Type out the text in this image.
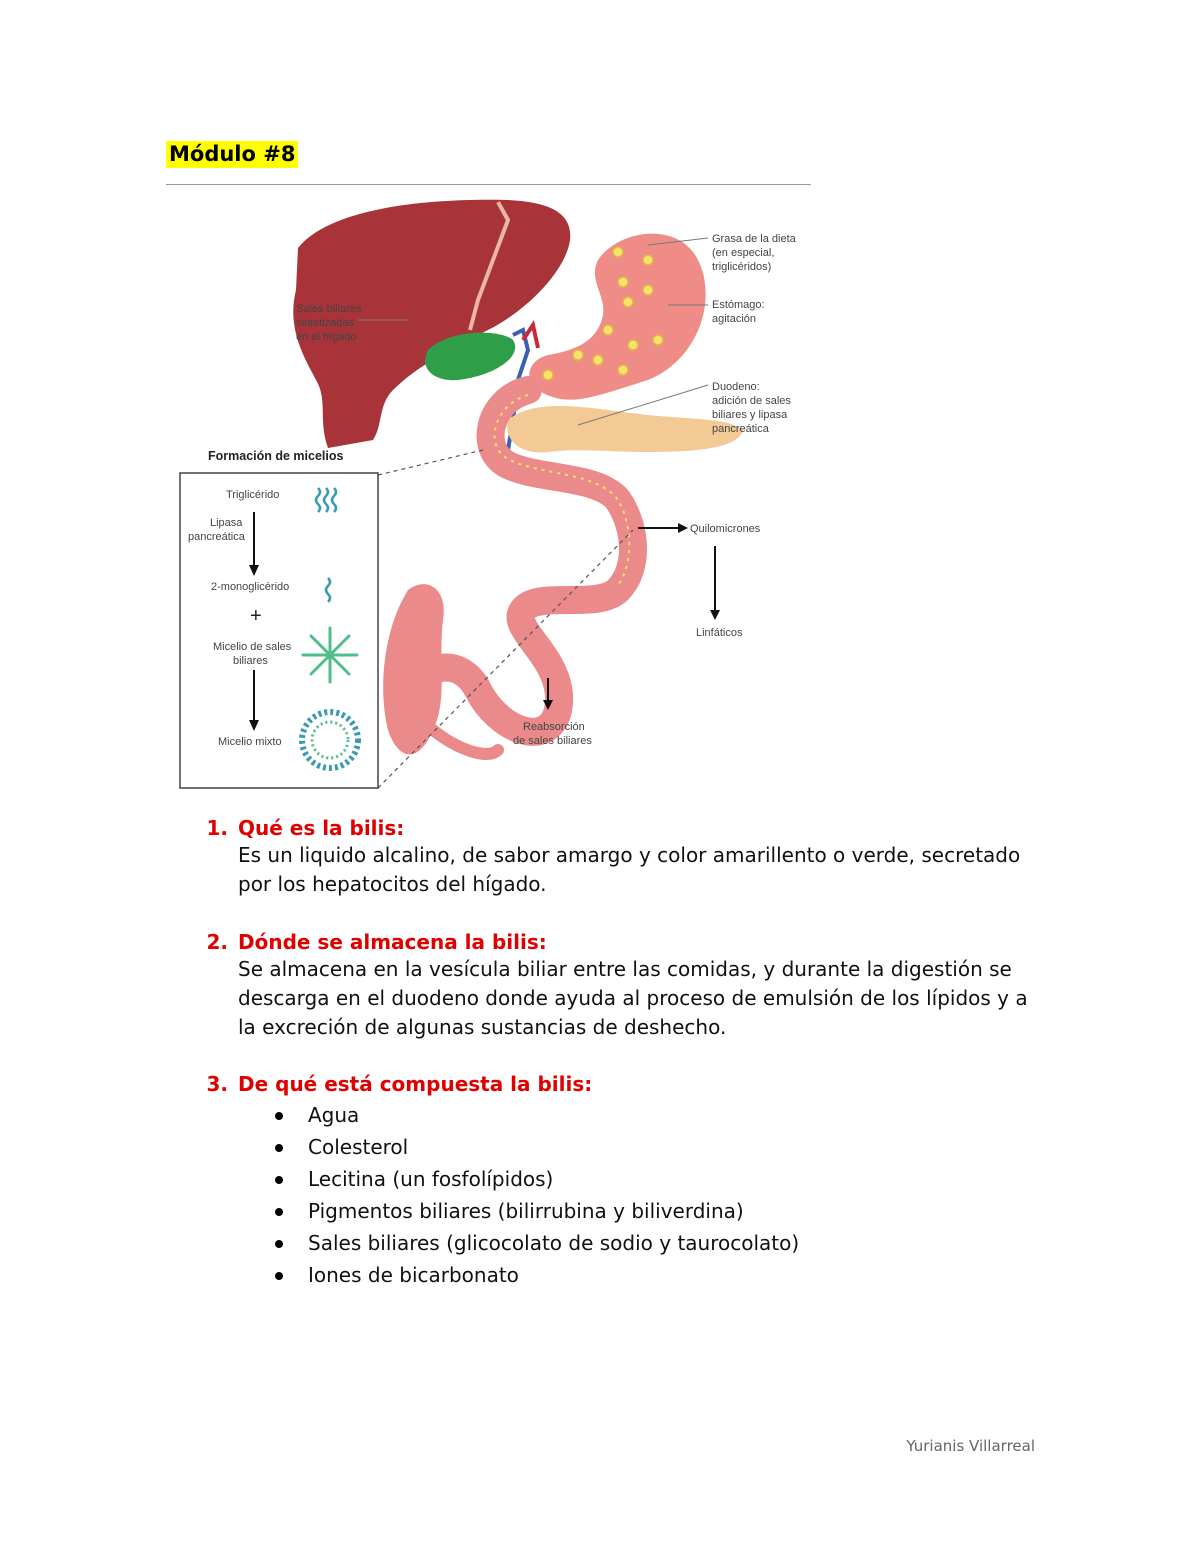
Módulo #8
Sales biliares
sintetizadas
en el hígado
Grasa de la dieta
(en especial,
triglicéridos)
Estómago:
agitación
Duodeno:
adición de sales
biliares y lipasa
pancreática
Quilomicrones
Linfáticos
Reabsorción
de sales biliares
Formación de micelios
Triglicérido
Lipasa
pancreática
2-monoglicérido
+
Micelio de sales
biliares
Micelio mixto
1. Qué es la bilis:
Es un liquido alcalino, de sabor amargo y color amarillento o verde, secretado
por los hepatocitos del hígado.
2. Dónde se almacena la bilis:
Se almacena en la vesícula biliar entre las comidas, y durante la digestión se
descarga en el duodeno donde ayuda al proceso de emulsión de los lípidos y a
la excreción de algunas sustancias de deshecho.
3. De qué está compuesta la bilis:
Agua
Colesterol
Lecitina (un fosfolípidos)
Pigmentos biliares (bilirrubina y biliverdina)
Sales biliares (glicocolato de sodio y taurocolato)
Iones de bicarbonato
Yurianis Villarreal
